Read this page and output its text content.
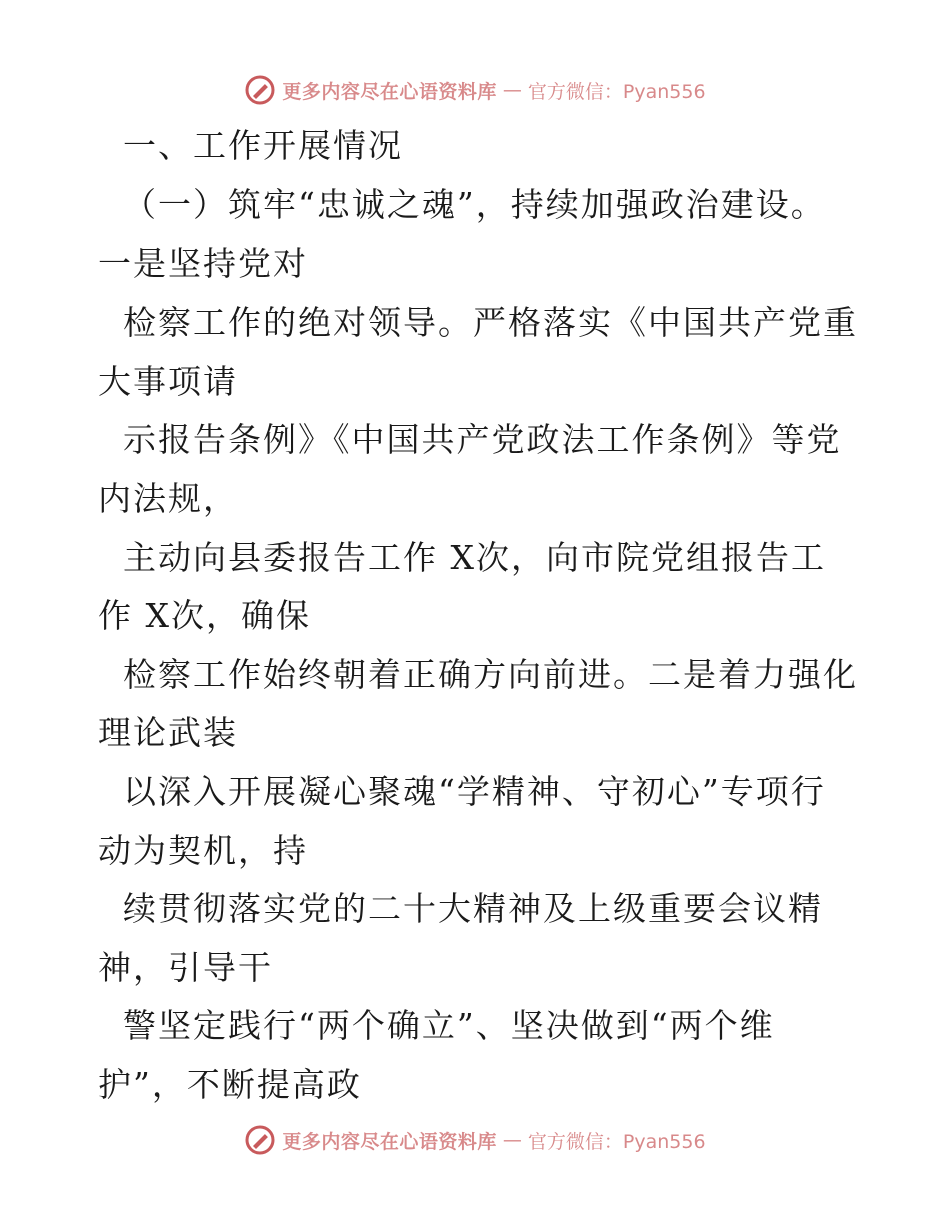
更多内容尽在心语资料库 — 官方微信：Pyan556
一、工作开展情况
（一）筑牢“忠诚之魂”，持续加强政治建设。
一是坚持党对
检察工作的绝对领导。严格落实《中国共产党重
大事项请
示报告条例》《中国共产党政法工作条例》等党
内法规，
主动向县委报告工作 X次，向市院党组报告工
作 X次，确保
检察工作始终朝着正确方向前进。二是着力强化
理论武装
以深入开展凝心聚魂“学精神、守初心”专项行
动为契机，持
续贯彻落实党的二十大精神及上级重要会议精
神，引导干
警坚定践行“两个确立”、坚决做到“两个维
护”，不断提高政
更多内容尽在心语资料库 — 官方微信：Pyan556
